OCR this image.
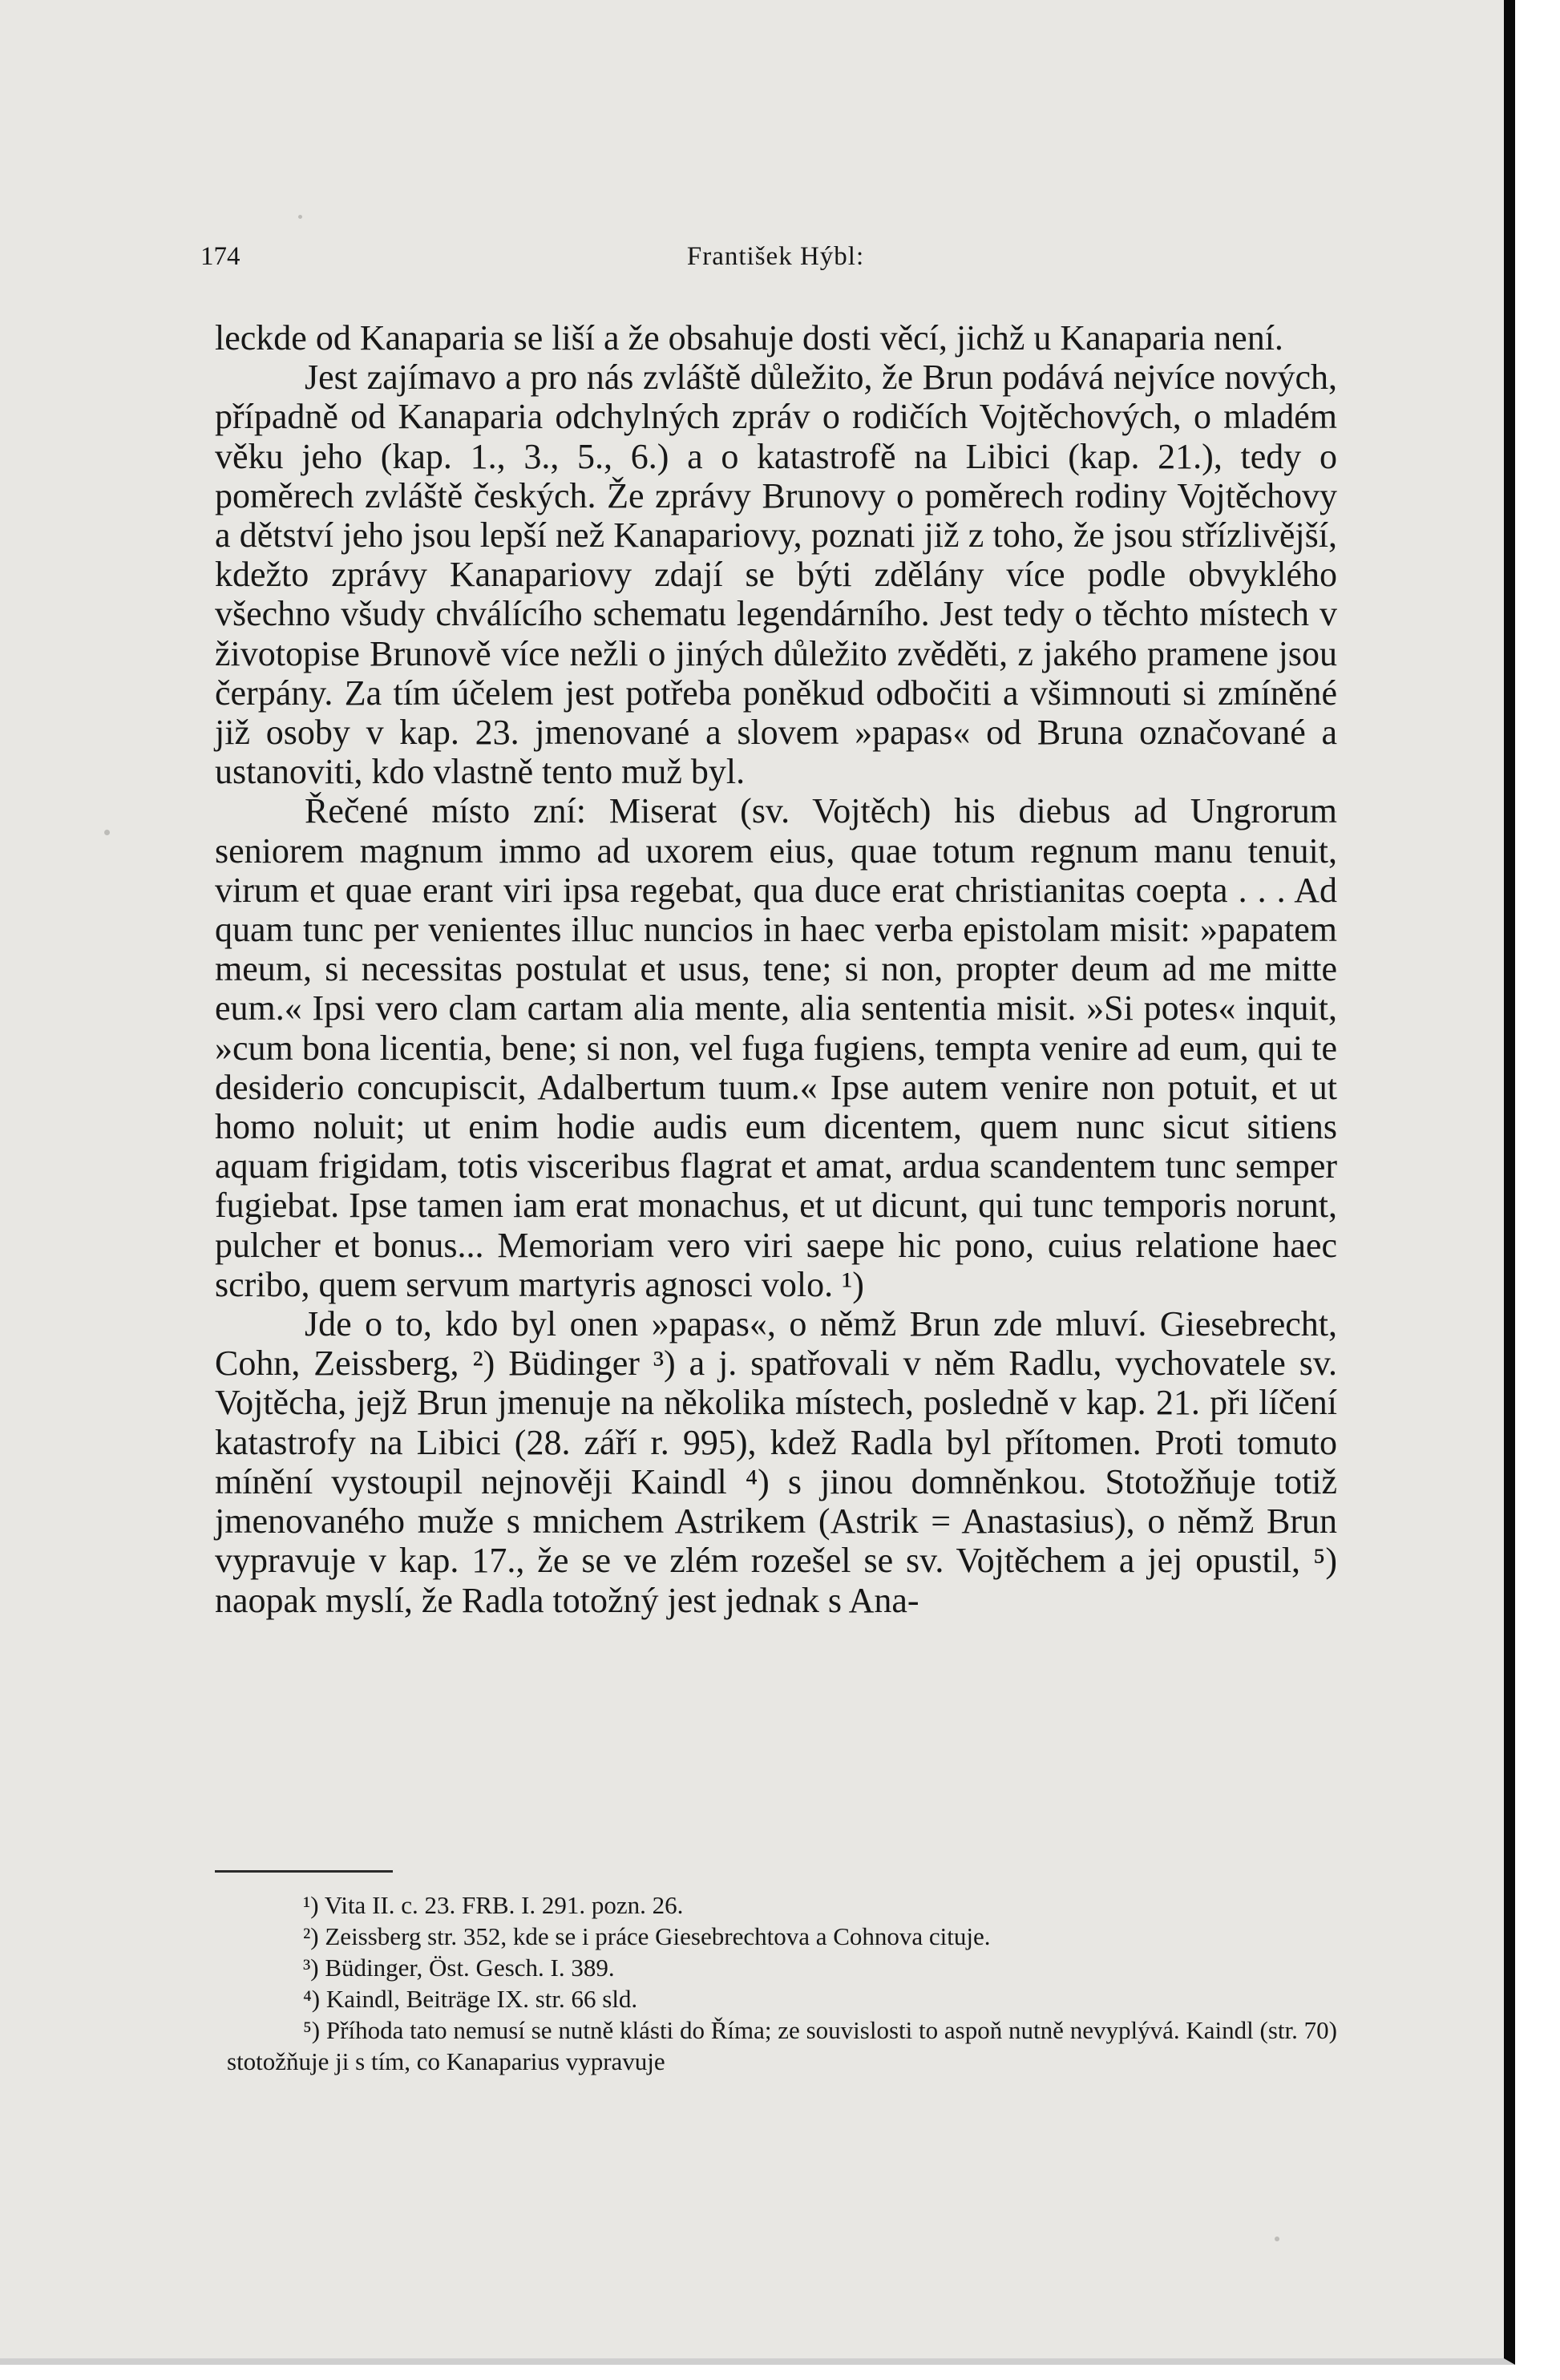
174	František Hýbl:

leckde od Kanaparia se liší a že obsahuje dosti věcí, jichž u Kanaparia není.

Jest zajímavo a pro nás zvláště důležito, že Brun podává nejvíce nových, případně od Kanaparia odchylných zpráv o rodičích Vojtěchových, o mladém věku jeho (kap. 1., 3., 5., 6.) a o katastrofě na Libici (kap. 21.), tedy o poměrech zvláště českých. Že zprávy Brunovy o poměrech rodiny Vojtěchovy a dětství jeho jsou lepší než Kanapariovy, poznati již z toho, že jsou střízlivější, kdežto zprávy Kanapariovy zdají se býti zdělány více podle obvyklého všechno všudy chválícího schematu legendárního. Jest tedy o těchto místech v životopise Brunově více nežli o jiných důležito zvěděti, z jakého pramene jsou čerpány. Za tím účelem jest potřeba poněkud odbočiti a všimnouti si zmíněné již osoby v kap. 23. jmenované a slovem »papas« od Bruna označované a ustanoviti, kdo vlastně tento muž byl.

Řečené místo zní: Miserat (sv. Vojtěch) his diebus ad Ungrorum seniorem magnum immo ad uxorem eius, quae totum regnum manu tenuit, virum et quae erant viri ipsa regebat, qua duce erat christianitas coepta . . . Ad quam tunc per venientes illuc nuncios in haec verba epistolam misit: »papatem meum, si necessitas postulat et usus, tene; si non, propter deum ad me mitte eum.« Ipsi vero clam cartam alia mente, alia sententia misit. »Si potes« inquit, »cum bona licentia, bene; si non, vel fuga fugiens, tempta venire ad eum, qui te desiderio concupiscit, Adalbertum tuum.« Ipse autem venire non potuit, et ut homo noluit; ut enim hodie audis eum dicentem, quem nunc sicut sitiens aquam frigidam, totis visceribus flagrat et amat, ardua scandentem tunc semper fugiebat. Ipse tamen iam erat monachus, et ut dicunt, qui tunc temporis norunt, pulcher et bonus... Memoriam vero viri saepe hic pono, cuius relatione haec scribo, quem servum martyris agnosci volo. ¹)

Jde o to, kdo byl onen »papas«, o němž Brun zde mluví. Giesebrecht, Cohn, Zeissberg, ²) Büdinger ³) a j. spatřovali v něm Radlu, vychovatele sv. Vojtěcha, jejž Brun jmenuje na několika místech, posledně v kap. 21. při líčení katastrofy na Libici (28. září r. 995), kdež Radla byl přítomen. Proti tomuto mínění vystoupil nejnověji Kaindl ⁴) s jinou domněnkou. Stotožňuje totiž jmenovaného muže s mnichem Astrikem (Astrik = Anastasius), o němž Brun vypravuje v kap. 17., že se ve zlém rozešel se sv. Vojtěchem a jej opustil, ⁵) naopak myslí, že Radla totožný jest jednak s Ana-

¹) Vita II. c. 23. FRB. I. 291. pozn. 26.

²) Zeissberg str. 352, kde se i práce Giesebrechtova a Cohnova cituje.

³) Büdinger, Öst. Gesch. I. 389.

⁴) Kaindl, Beiträge IX. str. 66 sld.

⁵) Příhoda tato nemusí se nutně klásti do Říma; ze souvislosti to aspoň nutně nevyplývá. Kaindl (str. 70) stotožňuje ji s tím, co Kanaparius vypravuje
